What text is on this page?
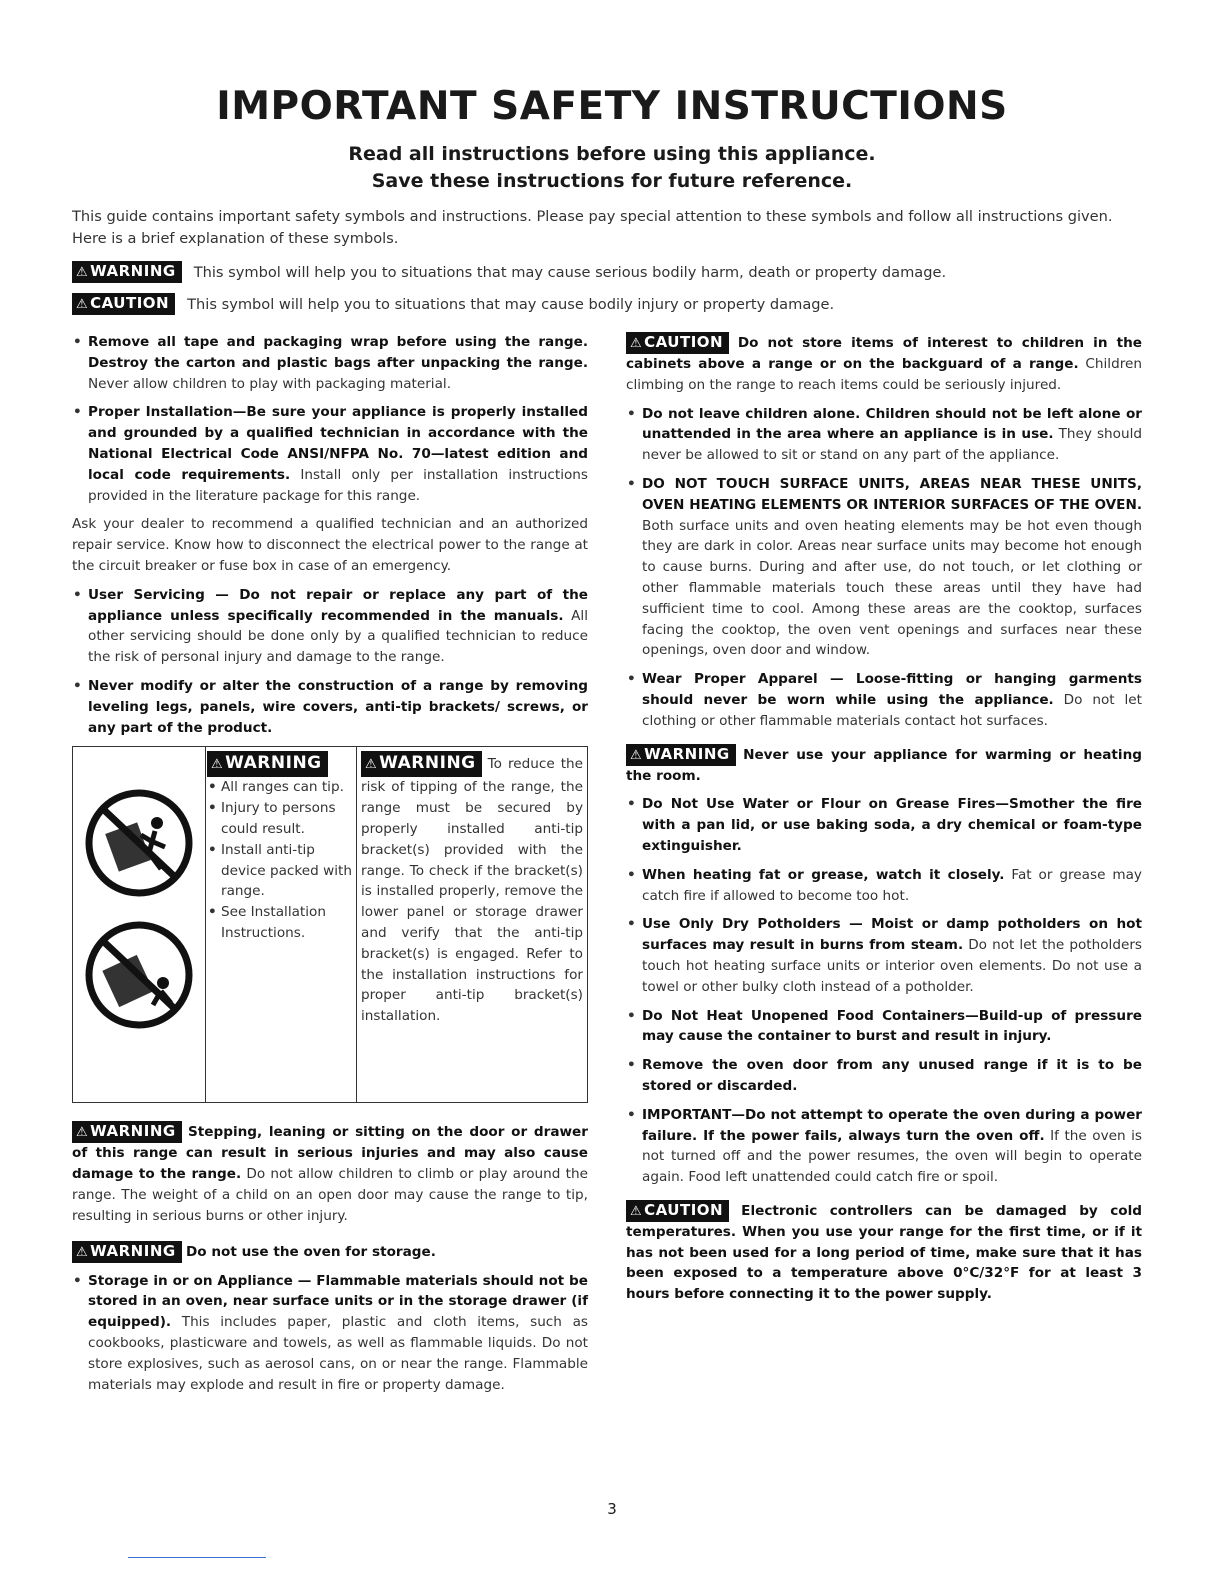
IMPORTANT SAFETY INSTRUCTIONS
Read all instructions before using this appliance.
Save these instructions for future reference.
This guide contains important safety symbols and instructions. Please pay special attention to these symbols and follow all instructions given. Here is a brief explanation of these symbols.
⚠ WARNING	This symbol will help you to situations that may cause serious bodily harm, death or property damage.
⚠ CAUTION	This symbol will help you to situations that may cause bodily injury or property damage.
• Remove all tape and packaging wrap before using the range. Destroy the carton and plastic bags after unpacking the range. Never allow children to play with packaging material.
• Proper Installation—Be sure your appliance is properly installed and grounded by a qualified technician in accordance with the National Electrical Code ANSI/NFPA No. 70—latest edition and local code requirements. Install only per installation instructions provided in the literature package for this range.

Ask your dealer to recommend a qualified technician and an authorized repair service. Know how to disconnect the electrical power to the range at the circuit breaker or fuse box in case of an emergency.

• User Servicing — Do not repair or replace any part of the appliance unless specifically recommended in the manuals. All other servicing should be done only by a qualified technician to reduce the risk of personal injury and damage to the range.
• Never modify or alter the construction of a range by removing leveling legs, panels, wire covers, anti-tip brackets/ screws, or any part of the product.
⚠ WARNING
• All ranges can tip.
• Injury to persons could result.
• Install anti-tip device packed with range.
• See Installation Instructions.

⚠ WARNING To reduce the risk of tipping of the range, the range must be secured by properly installed anti-tip bracket(s) provided with the range. To check if the bracket(s) is installed properly, remove the lower panel or storage drawer and verify that the anti-tip bracket(s) is engaged. Refer to the installation instructions for proper anti-tip bracket(s) installation.

⚠ WARNING Stepping, leaning or sitting on the door or drawer of this range can result in serious injuries and may also cause damage to the range. Do not allow children to climb or play around the range. The weight of a child on an open door may cause the range to tip, resulting in serious burns or other injury.

⚠ WARNING Do not use the oven for storage.

• Storage in or on Appliance — Flammable materials should not be stored in an oven, near surface units or in the storage drawer (if equipped). This includes paper, plastic and cloth items, such as cookbooks, plasticware and towels, as well as flammable liquids. Do not store explosives, such as aerosol cans, on or near the range. Flammable materials may explode and result in fire or property damage.

⚠ CAUTION Do not store items of interest to children in the cabinets above a range or on the backguard of a range. Children climbing on the range to reach items could be seriously injured.

• Do not leave children alone. Children should not be left alone or unattended in the area where an appliance is in use. They should never be allowed to sit or stand on any part of the appliance.
• DO NOT TOUCH SURFACE UNITS, AREAS NEAR THESE UNITS, OVEN HEATING ELEMENTS OR INTERIOR SURFACES OF THE OVEN. Both surface units and oven heating elements may be hot even though they are dark in color. Areas near surface units may become hot enough to cause burns. During and after use, do not touch, or let clothing or other flammable materials touch these areas until they have had sufficient time to cool. Among these areas are the cooktop, surfaces facing the cooktop, the oven vent openings and surfaces near these openings, oven door and window.
• Wear Proper Apparel — Loose-fitting or hanging garments should never be worn while using the appliance. Do not let clothing or other flammable materials contact hot surfaces.

⚠ WARNING Never use your appliance for warming or heating the room.

• Do Not Use Water or Flour on Grease Fires—Smother the fire with a pan lid, or use baking soda, a dry chemical or foam-type extinguisher.
• When heating fat or grease, watch it closely. Fat or grease may catch fire if allowed to become too hot.
• Use Only Dry Potholders — Moist or damp potholders on hot surfaces may result in burns from steam. Do not let the potholders touch hot heating surface units or interior oven elements. Do not use a towel or other bulky cloth instead of a potholder.
• Do Not Heat Unopened Food Containers—Build-up of pressure may cause the container to burst and result in injury.
• Remove the oven door from any unused range if it is to be stored or discarded.
• IMPORTANT—Do not attempt to operate the oven during a power failure. If the power fails, always turn the oven off. If the oven is not turned off and the power resumes, the oven will begin to operate again. Food left unattended could catch fire or spoil.

⚠ CAUTION Electronic controllers can be damaged by cold temperatures. When you use your range for the first time, or if it has not been used for a long period of time, make sure that it has been exposed to a temperature above 0°C/32°F for at least 3 hours before connecting it to the power supply.

3
